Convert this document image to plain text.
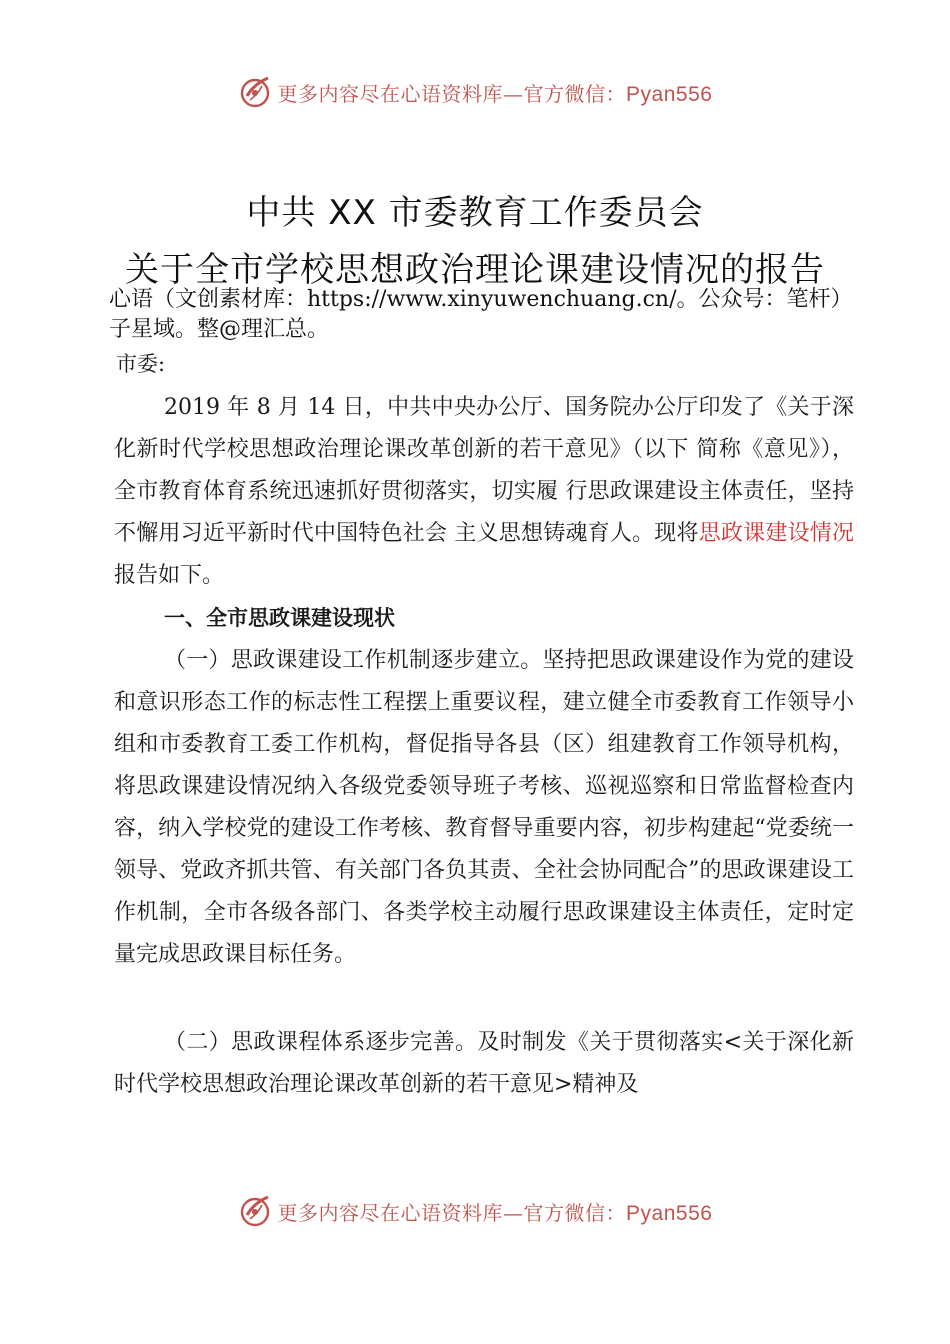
更多内容尽在心语资料库—官方微信：Pyan556
中共 XX 市委教育工作委员会
关于全市学校思想政治理论课建设情况的报告
心语（文创素材库：https://www.xinyuwenchuang.cn/。公众号：笔杆）子星域。整@理汇总。
市委:
2019 年 8 月 14 日，中共中央办公厅、国务院办公厅印发了《关于深化新时代学校思想政治理论课改革创新的若干意见》（以下 简称《意见》），全市教育体育系统迅速抓好贯彻落实，切实履 行思政课建设主体责任，坚持不懈用习近平新时代中国特色社会 主义思想铸魂育人。现将思政课建设情况报告如下。
一、全市思政课建设现状
（一）思政课建设工作机制逐步建立。坚持把思政课建设作为党的建设和意识形态工作的标志性工程摆上重要议程，建立健全市委教育工作领导小组和市委教育工委工作机构，督促指导各县（区）组建教育工作领导机构，将思政课建设情况纳入各级党委领导班子考核、巡视巡察和日常监督检查内容，纳入学校党的建设工作考核、教育督导重要内容，初步构建起“党委统一领导、党政齐抓共管、有关部门各负其责、全社会协同配合”的思政课建设工作机制，全市各级各部门、各类学校主动履行思政课建设主体责任，定时定量完成思政课目标任务。
（二）思政课程体系逐步完善。及时制发《关于贯彻落实<关于深化新时代学校思想政治理论课改革创新的若干意见>精神及
更多内容尽在心语资料库—官方微信：Pyan556
